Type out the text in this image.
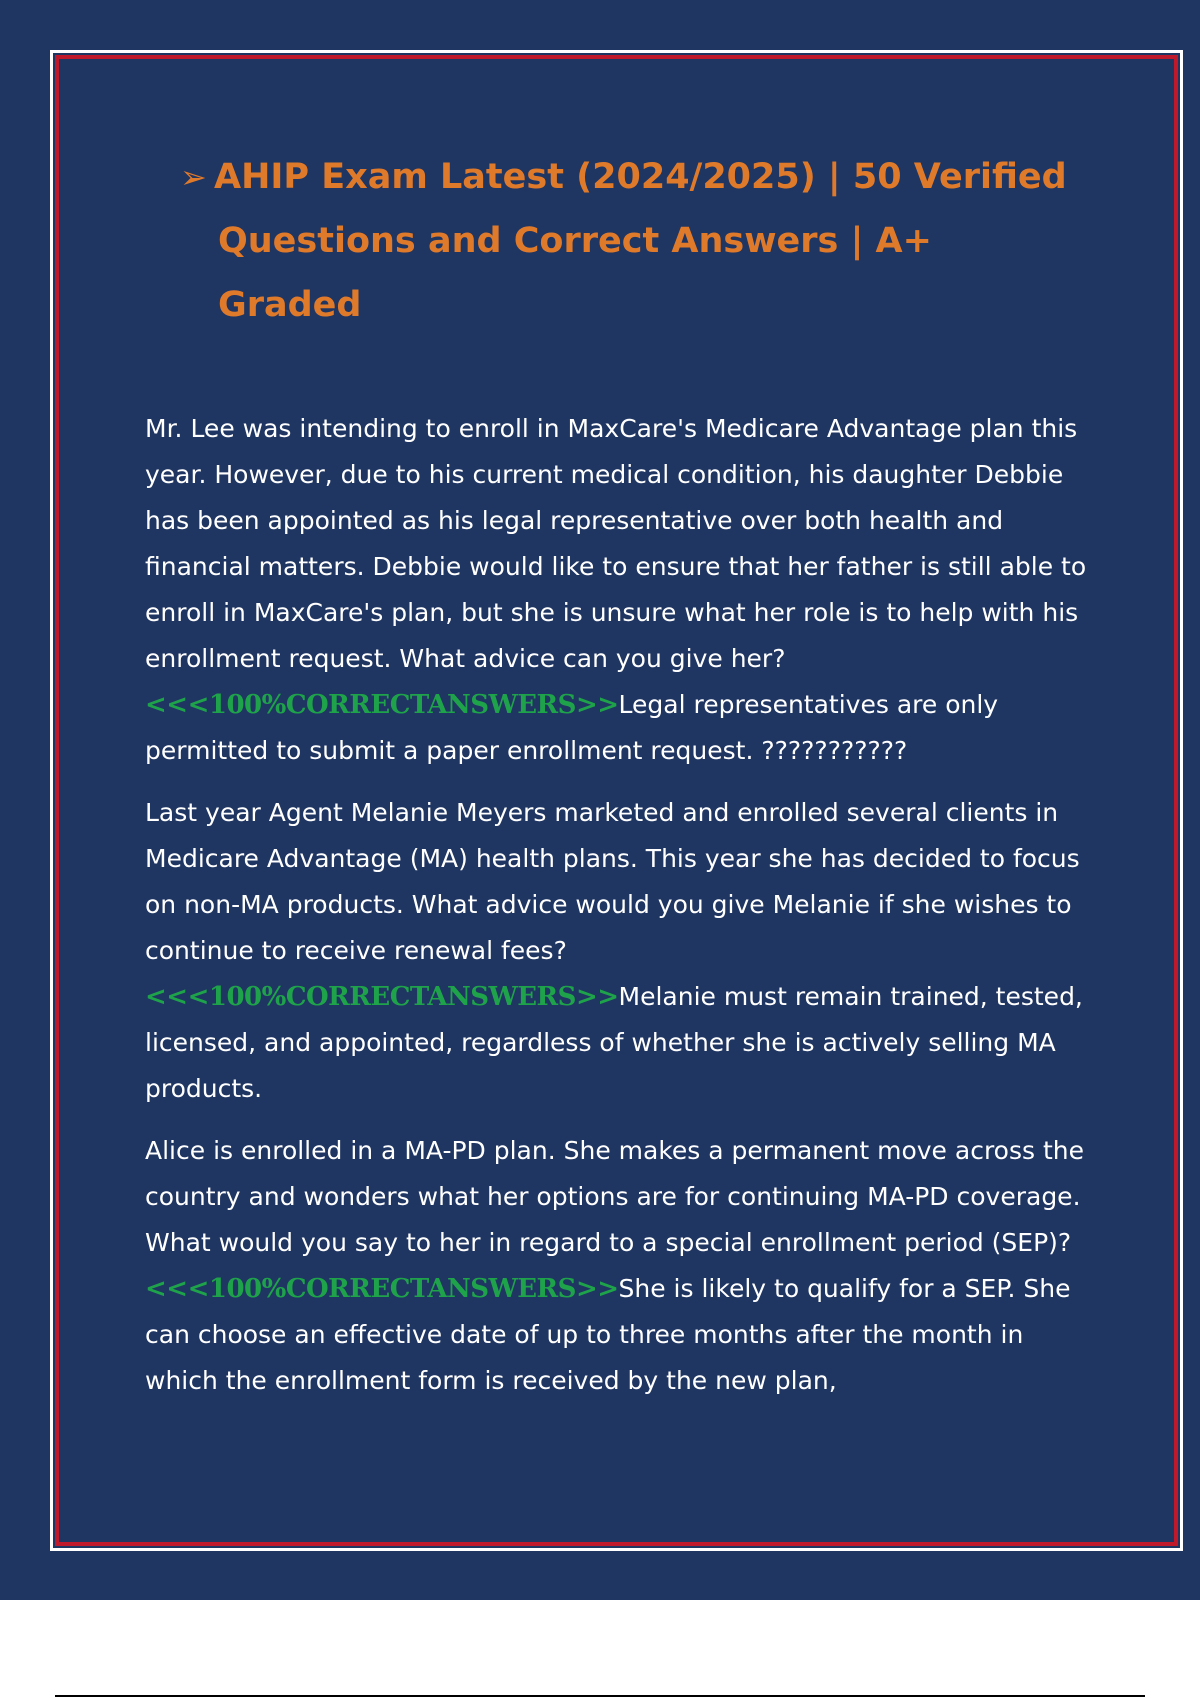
➢ AHIP Exam Latest (2024/2025) | 50 Verified
Questions and Correct Answers | A+ Graded

Mr. Lee was intending to enroll in MaxCare's Medicare Advantage plan this year. However, due to his current medical condition, his daughter Debbie has been appointed as his legal representative over both health and financial matters. Debbie would like to ensure that her father is still able to enroll in MaxCare's plan, but she is unsure what her role is to help with his enrollment request. What advice can you give her?
<<<100%CORRECTANSWERS>>Legal representatives are only permitted to submit a paper enrollment request. ???????????

Last year Agent Melanie Meyers marketed and enrolled several clients in Medicare Advantage (MA) health plans. This year she has decided to focus on non-MA products. What advice would you give Melanie if she wishes to continue to receive renewal fees?
<<<100%CORRECTANSWERS>>Melanie must remain trained, tested, licensed, and appointed, regardless of whether she is actively selling MA products.

Alice is enrolled in a MA-PD plan. She makes a permanent move across the country and wonders what her options are for continuing MA-PD coverage. What would you say to her in regard to a special enrollment period (SEP)? <<<100%CORRECTANSWERS>>She is likely to qualify for a SEP. She can choose an effective date of up to three months after the month in which the enrollment form is received by the new plan,
